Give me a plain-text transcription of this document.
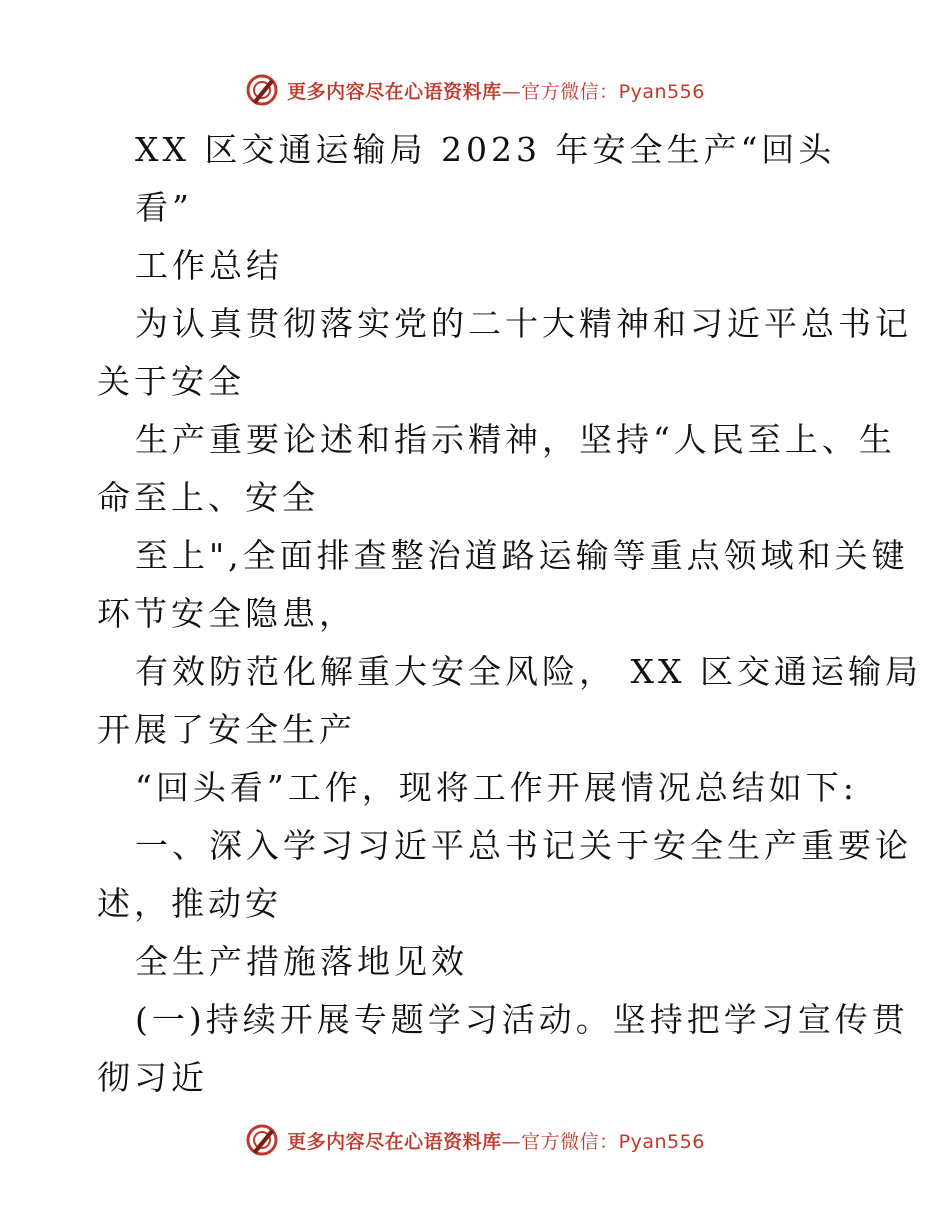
更多内容尽在心语资料库—官方微信：Pyan556
XX 区交通运输局 2023 年安全生产“回头
看”
工作总结
为认真贯彻落实党的二十大精神和习近平总书记
关于安全
生产重要论述和指示精神，坚持“人民至上、生
命至上、安全
至上",全面排查整治道路运输等重点领域和关键
环节安全隐患，
有效防范化解重大安全风险， XX 区交通运输局
开展了安全生产
“回头看”工作，现将工作开展情况总结如下:
一、深入学习习近平总书记关于安全生产重要论
述，推动安
全生产措施落地见效
(一)持续开展专题学习活动。坚持把学习宣传贯
彻习近
更多内容尽在心语资料库—官方微信：Pyan556
